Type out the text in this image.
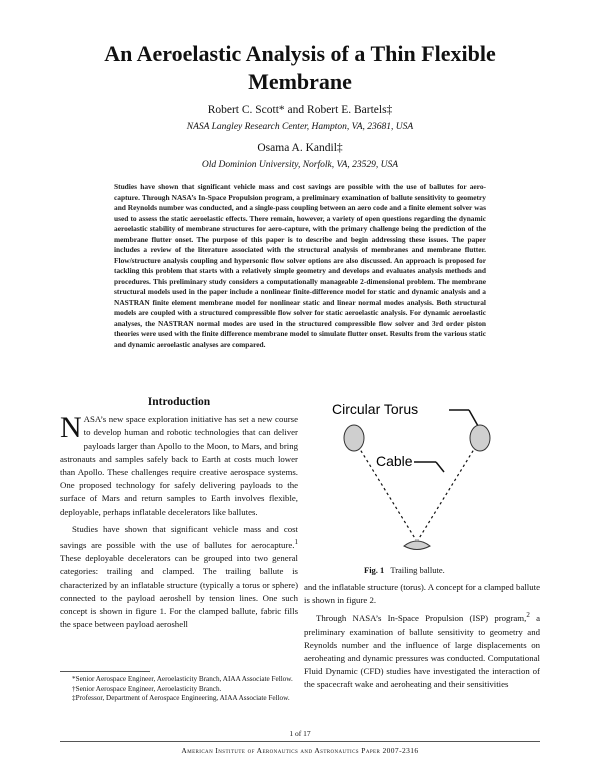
An Aeroelastic Analysis of a Thin Flexible Membrane
Robert C. Scott* and Robert E. Bartels‡
NASA Langley Research Center, Hampton, VA, 23681, USA
Osama A. Kandil‡
Old Dominion University, Norfolk, VA, 23529, USA
Studies have shown that significant vehicle mass and cost savings are possible with the use of ballutes for aero-capture. Through NASA’s In-Space Propulsion program, a preliminary examination of ballute sensitivity to geometry and Reynolds number was conducted, and a single-pass coupling between an aero code and a finite element solver was used to assess the static aeroelastic effects. There remain, however, a variety of open questions regarding the dynamic aeroelastic stability of membrane structures for aero-capture, with the primary challenge being the prediction of the membrane flutter onset. The purpose of this paper is to describe and begin addressing these issues. The paper includes a review of the literature associated with the structural analysis of membranes and membrane flutter. Flow/structure analysis coupling and hypersonic flow solver options are also discussed. An approach is proposed for tackling this problem that starts with a relatively simple geometry and develops and evaluates analysis methods and procedures. This preliminary study considers a computationally manageable 2-dimensional problem. The membrane structural models used in the paper include a nonlinear finite-difference model for static and dynamic analysis and a NASTRAN finite element membrane model for nonlinear static and linear normal modes analysis. Both structural models are coupled with a structured compressible flow solver for static aeroelastic analysis. For dynamic aeroelastic analyses, the NASTRAN normal modes are used in the structured compressible flow solver and 3rd order piston theories were used with the finite difference membrane model to simulate flutter onset. Results from the various static and dynamic aeroelastic analyses are compared.
Introduction

NASA’s new space exploration initiative has set a new course to develop human and robotic technologies that can deliver payloads larger than Apollo to the Moon, to Mars, and bring astronauts and samples safely back to Earth at costs much lower than Apollo. These challenges require creative aerospace systems. One proposed technology for safely delivering payloads to the surface of Mars and return samples to Earth involves flexible, deployable, perhaps inflatable decelerators like ballutes.

Studies have shown that significant vehicle mass and cost savings are possible with the use of ballutes for aerocapture.$^1$ These deployable decelerators can be grouped into two general categories: trailing and clamped. The trailing ballute is characterized by an inflatable structure (typically a torus or sphere) connected to the payload aeroshell by tension lines. One such concept is shown in figure 1. For the clamped ballute, fabric fills the space between payload aeroshell

*Senior Aerospace Engineer, Aeroelasticity Branch, AIAA Associate Fellow.

†Senior Aerospace Engineer, Aeroelasticity Branch.

‡Professor, Department of Aerospace Engineering, AIAA Associate Fellow.

Circular Torus
Cable
Fig. 1 Trailing ballute.

and the inflatable structure (torus). A concept for a clamped ballute is shown in figure 2.

Through NASA’s In-Space Propulsion (ISP) program,$^2$ a preliminary examination of ballute sensitivity to geometry and Reynolds number and the influence of large displacements on aeroheating and dynamic pressures was conducted. Computational Fluid Dynamic (CFD) studies have investigated the interaction of the spacecraft wake and aeroheating and their sensitivities

1 of 17
American Institute of Aeronautics and Astronautics Paper 2007-2316
